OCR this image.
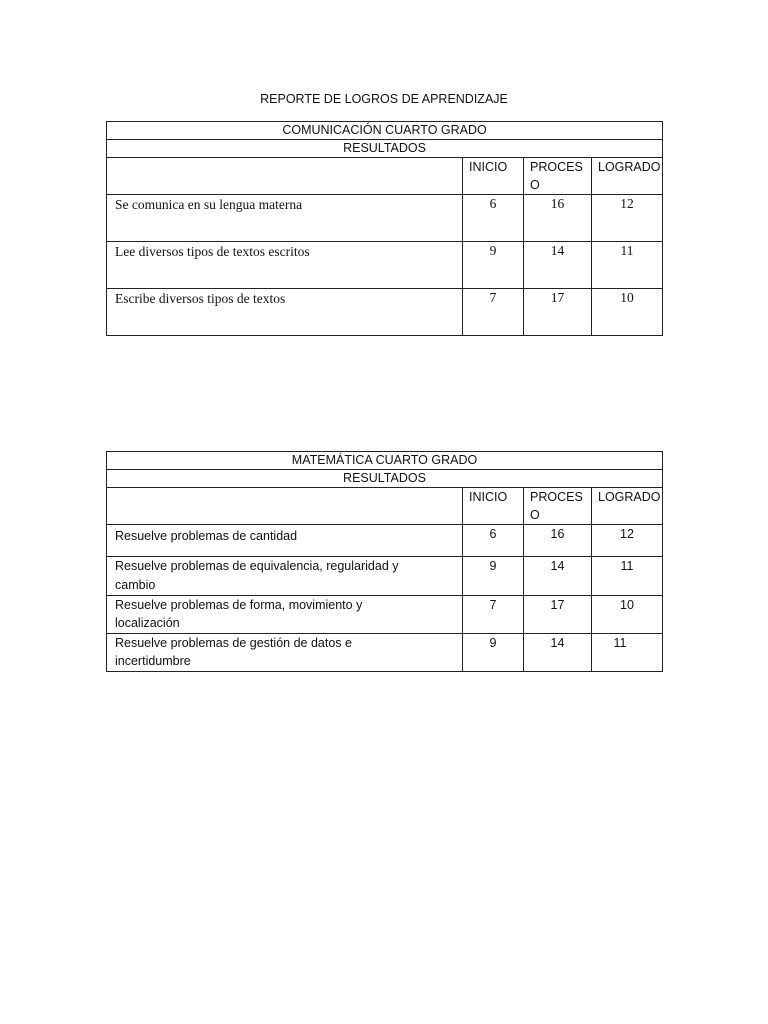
REPORTE DE LOGROS DE APRENDIZAJE
COMUNICACIÓN CUARTO GRADO			
RESULTADOS			
	INICIO	PROCES O	LOGRADO
Se comunica en su lengua materna	6	16	12
Lee diversos tipos de textos escritos	9	14	11
Escribe diversos tipos de textos	7	17	10
MATEMÁTICA CUARTO GRADO			
RESULTADOS			
	INICIO	PROCES O	LOGRADO
Resuelve problemas de cantidad	6	16	12
Resuelve problemas de equivalencia, regularidad y cambio	9	14	11
Resuelve problemas de forma, movimiento y localización	7	17	10
Resuelve problemas de gestión de datos e incertidumbre	9	14	11
